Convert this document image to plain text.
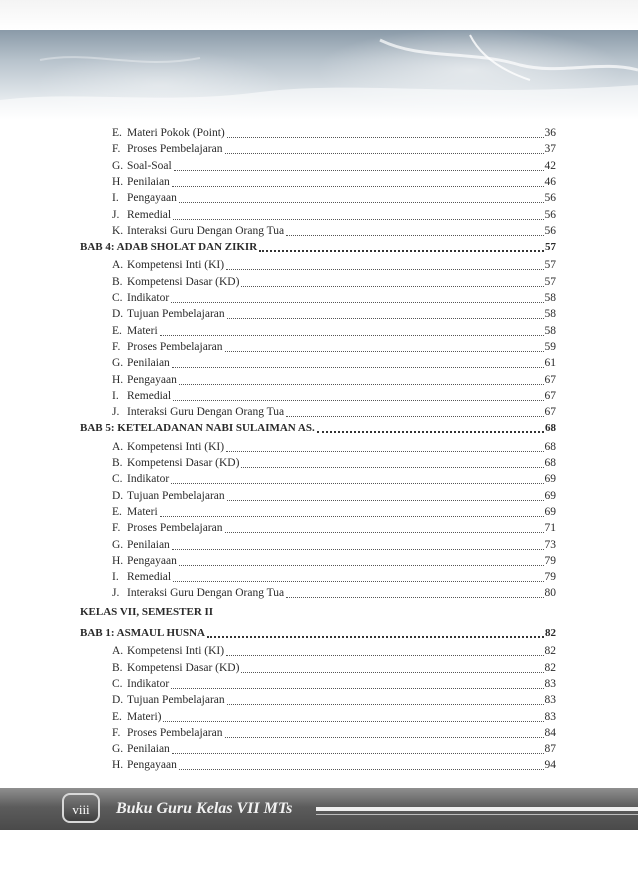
E. Materi Pokok (Point)	36
F. Proses Pembelajaran	37
G. Soal-Soal	42
H. Penilaian	46
I. Pengayaan	56
J. Remedial	56
K. Interaksi Guru Dengan Orang Tua	56
BAB 4: ADAB SHOLAT DAN ZIKIR	57
A. Kompetensi Inti (KI)	57
B. Kompetensi Dasar (KD)	57
C. Indikator	58
D. Tujuan Pembelajaran	58
E. Materi	58
F. Proses Pembelajaran	59
G. Penilaian	61
H. Pengayaan	67
I. Remedial	67
J. Interaksi Guru Dengan Orang Tua	67
BAB 5: KETELADANAN NABI SULAIMAN AS.	68
A. Kompetensi Inti (KI)	68
B. Kompetensi Dasar (KD)	68
C. Indikator	69
D. Tujuan Pembelajaran	69
E. Materi	69
F. Proses Pembelajaran	71
G. Penilaian	73
H. Pengayaan	79
I. Remedial	79
J. Interaksi Guru Dengan Orang Tua	80
KELAS VII, SEMESTER II
BAB 1: ASMAUL HUSNA	82
A. Kompetensi Inti (KI)	82
B. Kompetensi Dasar (KD)	82
C. Indikator	83
D. Tujuan Pembelajaran	83
E. Materi)	83
F. Proses Pembelajaran	84
G. Penilaian	87
H. Pengayaan	94
viii	Buku Guru Kelas VII MTs
